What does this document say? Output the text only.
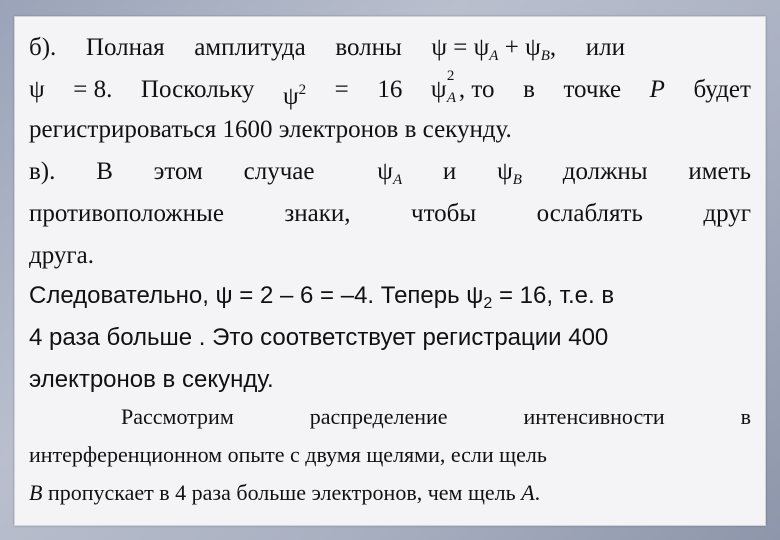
б). Полная амплитуда волны $\psi = \psi_A + \psi_B$, или
ψ = 8. Поскольку $\psi^2 = 16$ ψ 2
A , то в точке P будет
регистрироваться 1600 электронов в секунду.
в). В этом случае	$\psi_A$ и $\psi_B$ должны иметь
противоположные знаки, чтобы ослаблять друг
друга.
Следовательно, ψ = 2 – 6 = –4. Теперь $\psi_2 = 16$, т.е. в
4 раза больше . Это соответствует регистрации 400
электронов в секунду.
Рассмотрим	распределение	интенсивности	в
интерференционном опыте с двумя щелями, если щель
B пропускает в 4 раза больше электронов, чем щель A.
